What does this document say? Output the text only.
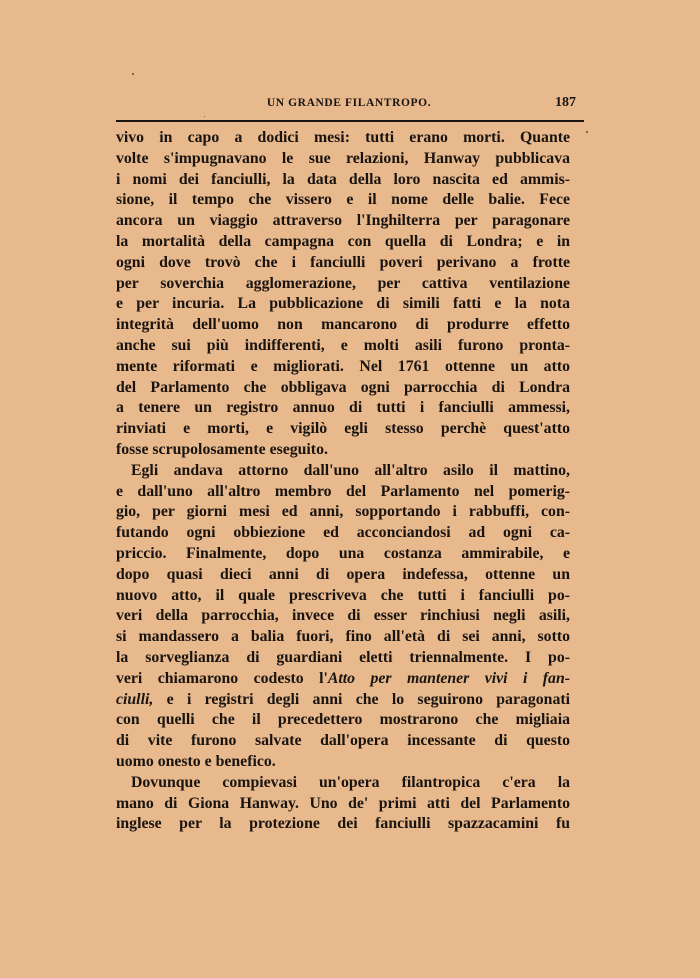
UN GRANDE FILANTROPO.	187
vivo in capo a dodici mesi: tutti erano morti. Quante
volte s'impugnavano le sue relazioni, Hanway pubblicava
i nomi dei fanciulli, la data della loro nascita ed ammis-
sione, il tempo che vissero e il nome delle balie. Fece
ancora un viaggio attraverso l'Inghilterra per paragonare
la mortalità della campagna con quella di Londra; e in
ogni dove trovò che i fanciulli poveri perivano a frotte
per soverchia agglomerazione, per cattiva ventilazione
e per incuria. La pubblicazione di simili fatti e la nota
integrità dell'uomo non mancarono di produrre effetto
anche sui più indifferenti, e molti asili furono pronta-
mente riformati e migliorati. Nel 1761 ottenne un atto
del Parlamento che obbligava ogni parrocchia di Londra
a tenere un registro annuo di tutti i fanciulli ammessi,
rinviati e morti, e vigilò egli stesso perchè quest'atto
fosse scrupolosamente eseguito.
Egli andava attorno dall'uno all'altro asilo il mattino,
e dall'uno all'altro membro del Parlamento nel pomerig-
gio, per giorni mesi ed anni, sopportando i rabbuffi, con-
futando ogni obbiezione ed acconciandosi ad ogni ca-
priccio. Finalmente, dopo una costanza ammirabile, e
dopo quasi dieci anni di opera indefessa, ottenne un
nuovo atto, il quale prescriveva che tutti i fanciulli po-
veri della parrocchia, invece di esser rinchiusi negli asili,
si mandassero a balia fuori, fino all'età di sei anni, sotto
la sorveglianza di guardiani eletti triennalmente. I po-
veri chiamarono codesto l'Atto per mantener vivi i fan-
ciulli, e i registri degli anni che lo seguirono paragonati
con quelli che il precedettero mostrarono che migliaia
di vite furono salvate dall'opera incessante di questo
uomo onesto e benefico.
Dovunque compievasi un'opera filantropica c'era la
mano di Giona Hanway. Uno de' primi atti del Parlamento
inglese per la protezione dei fanciulli spazzacamini fu
